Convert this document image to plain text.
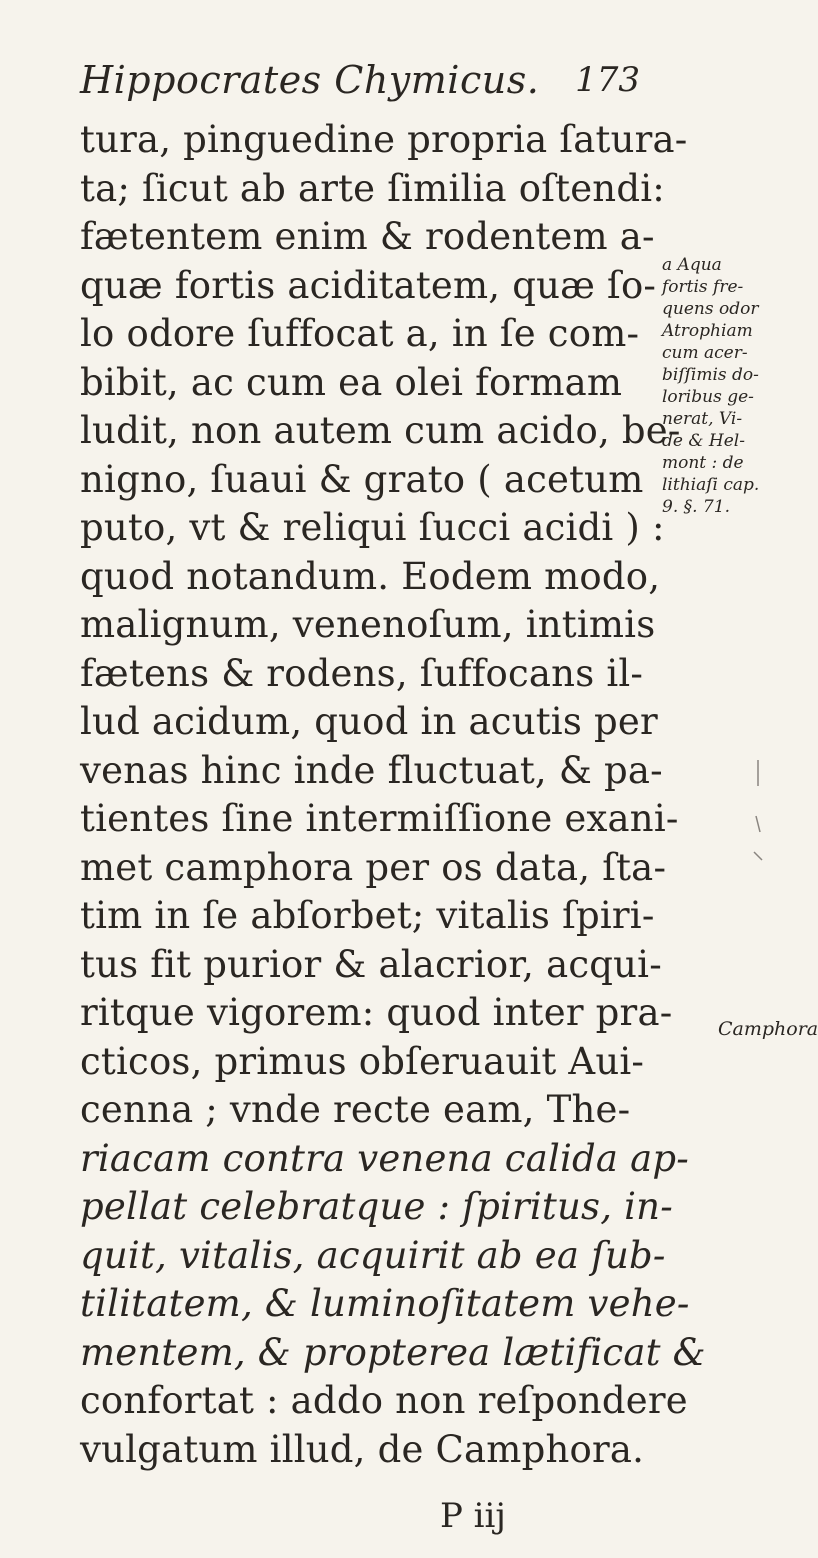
Hippocrates Chymicus. 173
tura, pinguedine propria ſatura-
ta; ſicut ab arte ſimilia oſtendi:
fætentem enim & rodentem a-
quæ fortis aciditatem, quæ ſo-
lo odore ſuffocat a, in ſe com-
bibit, ac cum ea olei formam
ludit, non autem cum acido, be-
nigno, ſuaui & grato ( acetum
puto, vt & reliqui ſucci acidi ) :
quod notandum. Eodem modo,
malignum, venenoſum, intimis
fætens & rodens, ſuffocans il-
lud acidum, quod in acutis per
venas hinc inde fluctuat, & pa-
tientes ſine intermiſſione exani-
met camphora per os data, ſta-
tim in ſe abſorbet; vitalis ſpiri-
tus fit purior & alacrior, acqui-
ritque vigorem: quod inter pra-
cticos, primus obſeruauit Aui-
cenna ; vnde recte eam, The-
riacam contra venena calida ap-
pellat celebratque : ſpiritus, in-
quit, vitalis, acquirit ab ea ſub-
tilitatem, & luminoſitatem vehe-
mentem, & propterea lætificat &
confortat : addo non reſpondere
vulgatum illud, de Camphora.
a Aqua
fortis fre-
quens odor
Atrophiam
cum acer-
biſſimis do-
loribus ge-
nerat, Vi-
de & Hel-
mont : de
lithiaſi cap.
9. §. 71.
Camphora
P iij
